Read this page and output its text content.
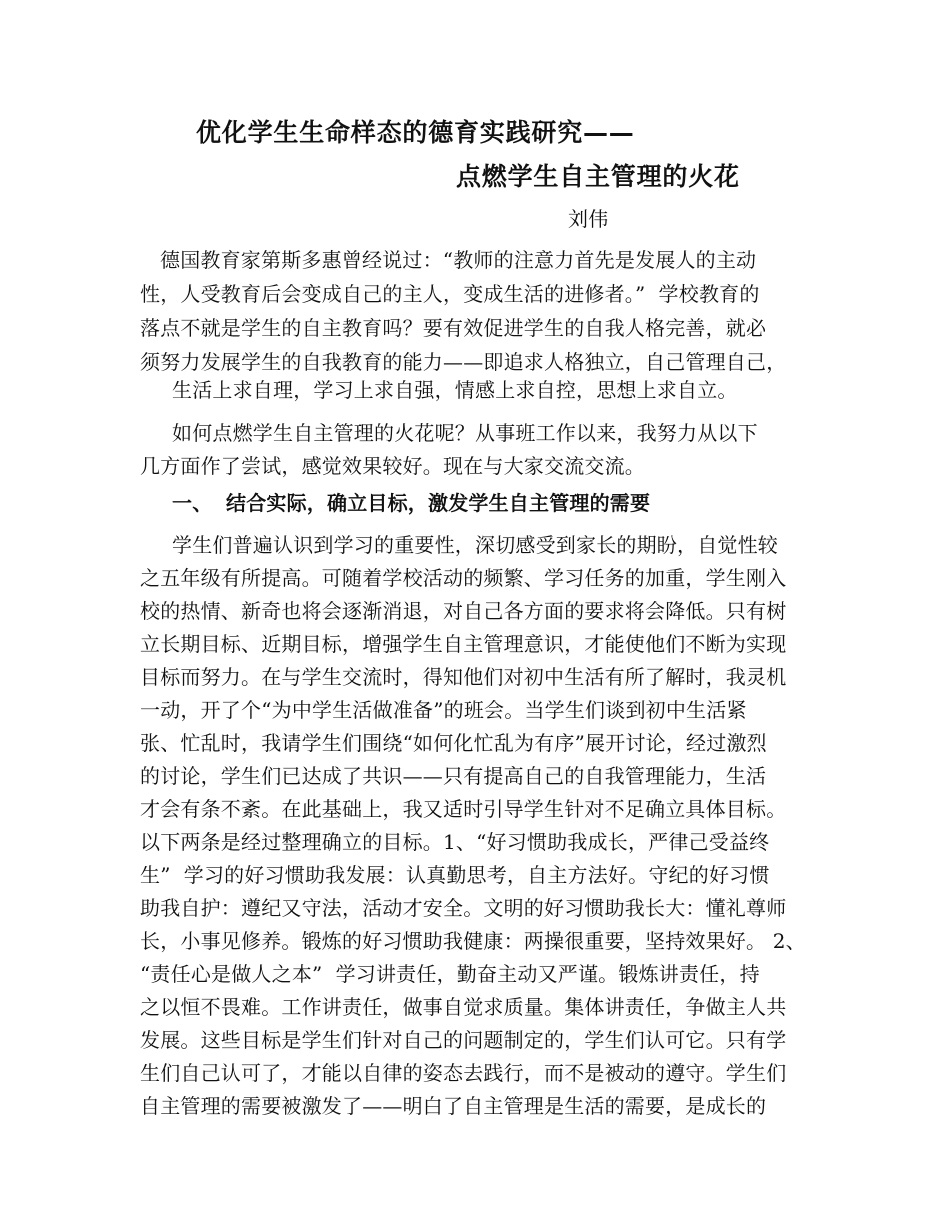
优化学生生命样态的德育实践研究——
点燃学生自主管理的火花
刘伟
德国教育家第斯多惠曾经说过：“教师的注意力首先是发展人的主动
性，人受教育后会变成自己的主人，变成生活的进修者。”  学校教育的
落点不就是学生的自主教育吗？要有效促进学生的自我人格完善，就必
须努力发展学生的自我教育的能力——即追求人格独立，自己管理自己，
生活上求自理，学习上求自强，情感上求自控，思想上求自立。
如何点燃学生自主管理的火花呢？从事班工作以来，我努力从以下
几方面作了尝试，感觉效果较好。现在与大家交流交流。
一、 结合实际，确立目标，激发学生自主管理的需要
学生们普遍认识到学习的重要性，深切感受到家长的期盼，自觉性较
之五年级有所提高。可随着学校活动的频繁、学习任务的加重，学生刚入
校的热情、新奇也将会逐渐消退，对自己各方面的要求将会降低。只有树
立长期目标、近期目标，增强学生自主管理意识，才能使他们不断为实现
目标而努力。在与学生交流时，得知他们对初中生活有所了解时，我灵机
一动，开了个“为中学生活做准备”的班会。当学生们谈到初中生活紧
张、忙乱时，我请学生们围绕“如何化忙乱为有序”展开讨论，经过激烈
的讨论，学生们已达成了共识——只有提高自己的自我管理能力，生活
才会有条不紊。在此基础上，我又适时引导学生针对不足确立具体目标。
以下两条是经过整理确立的目标。1、“好习惯助我成长，严律己受益终
生”  学习的好习惯助我发展：认真勤思考，自主方法好。守纪的好习惯
助我自护：遵纪又守法，活动才安全。文明的好习惯助我长大：懂礼尊师
长，小事见修养。锻炼的好习惯助我健康：两操很重要，坚持效果好。 2、
“责任心是做人之本”  学习讲责任，勤奋主动又严谨。锻炼讲责任，持
之以恒不畏难。工作讲责任，做事自觉求质量。集体讲责任，争做主人共
发展。这些目标是学生们针对自己的问题制定的，学生们认可它。只有学
生们自己认可了，才能以自律的姿态去践行，而不是被动的遵守。学生们
自主管理的需要被激发了——明白了自主管理是生活的需要，是成长的
